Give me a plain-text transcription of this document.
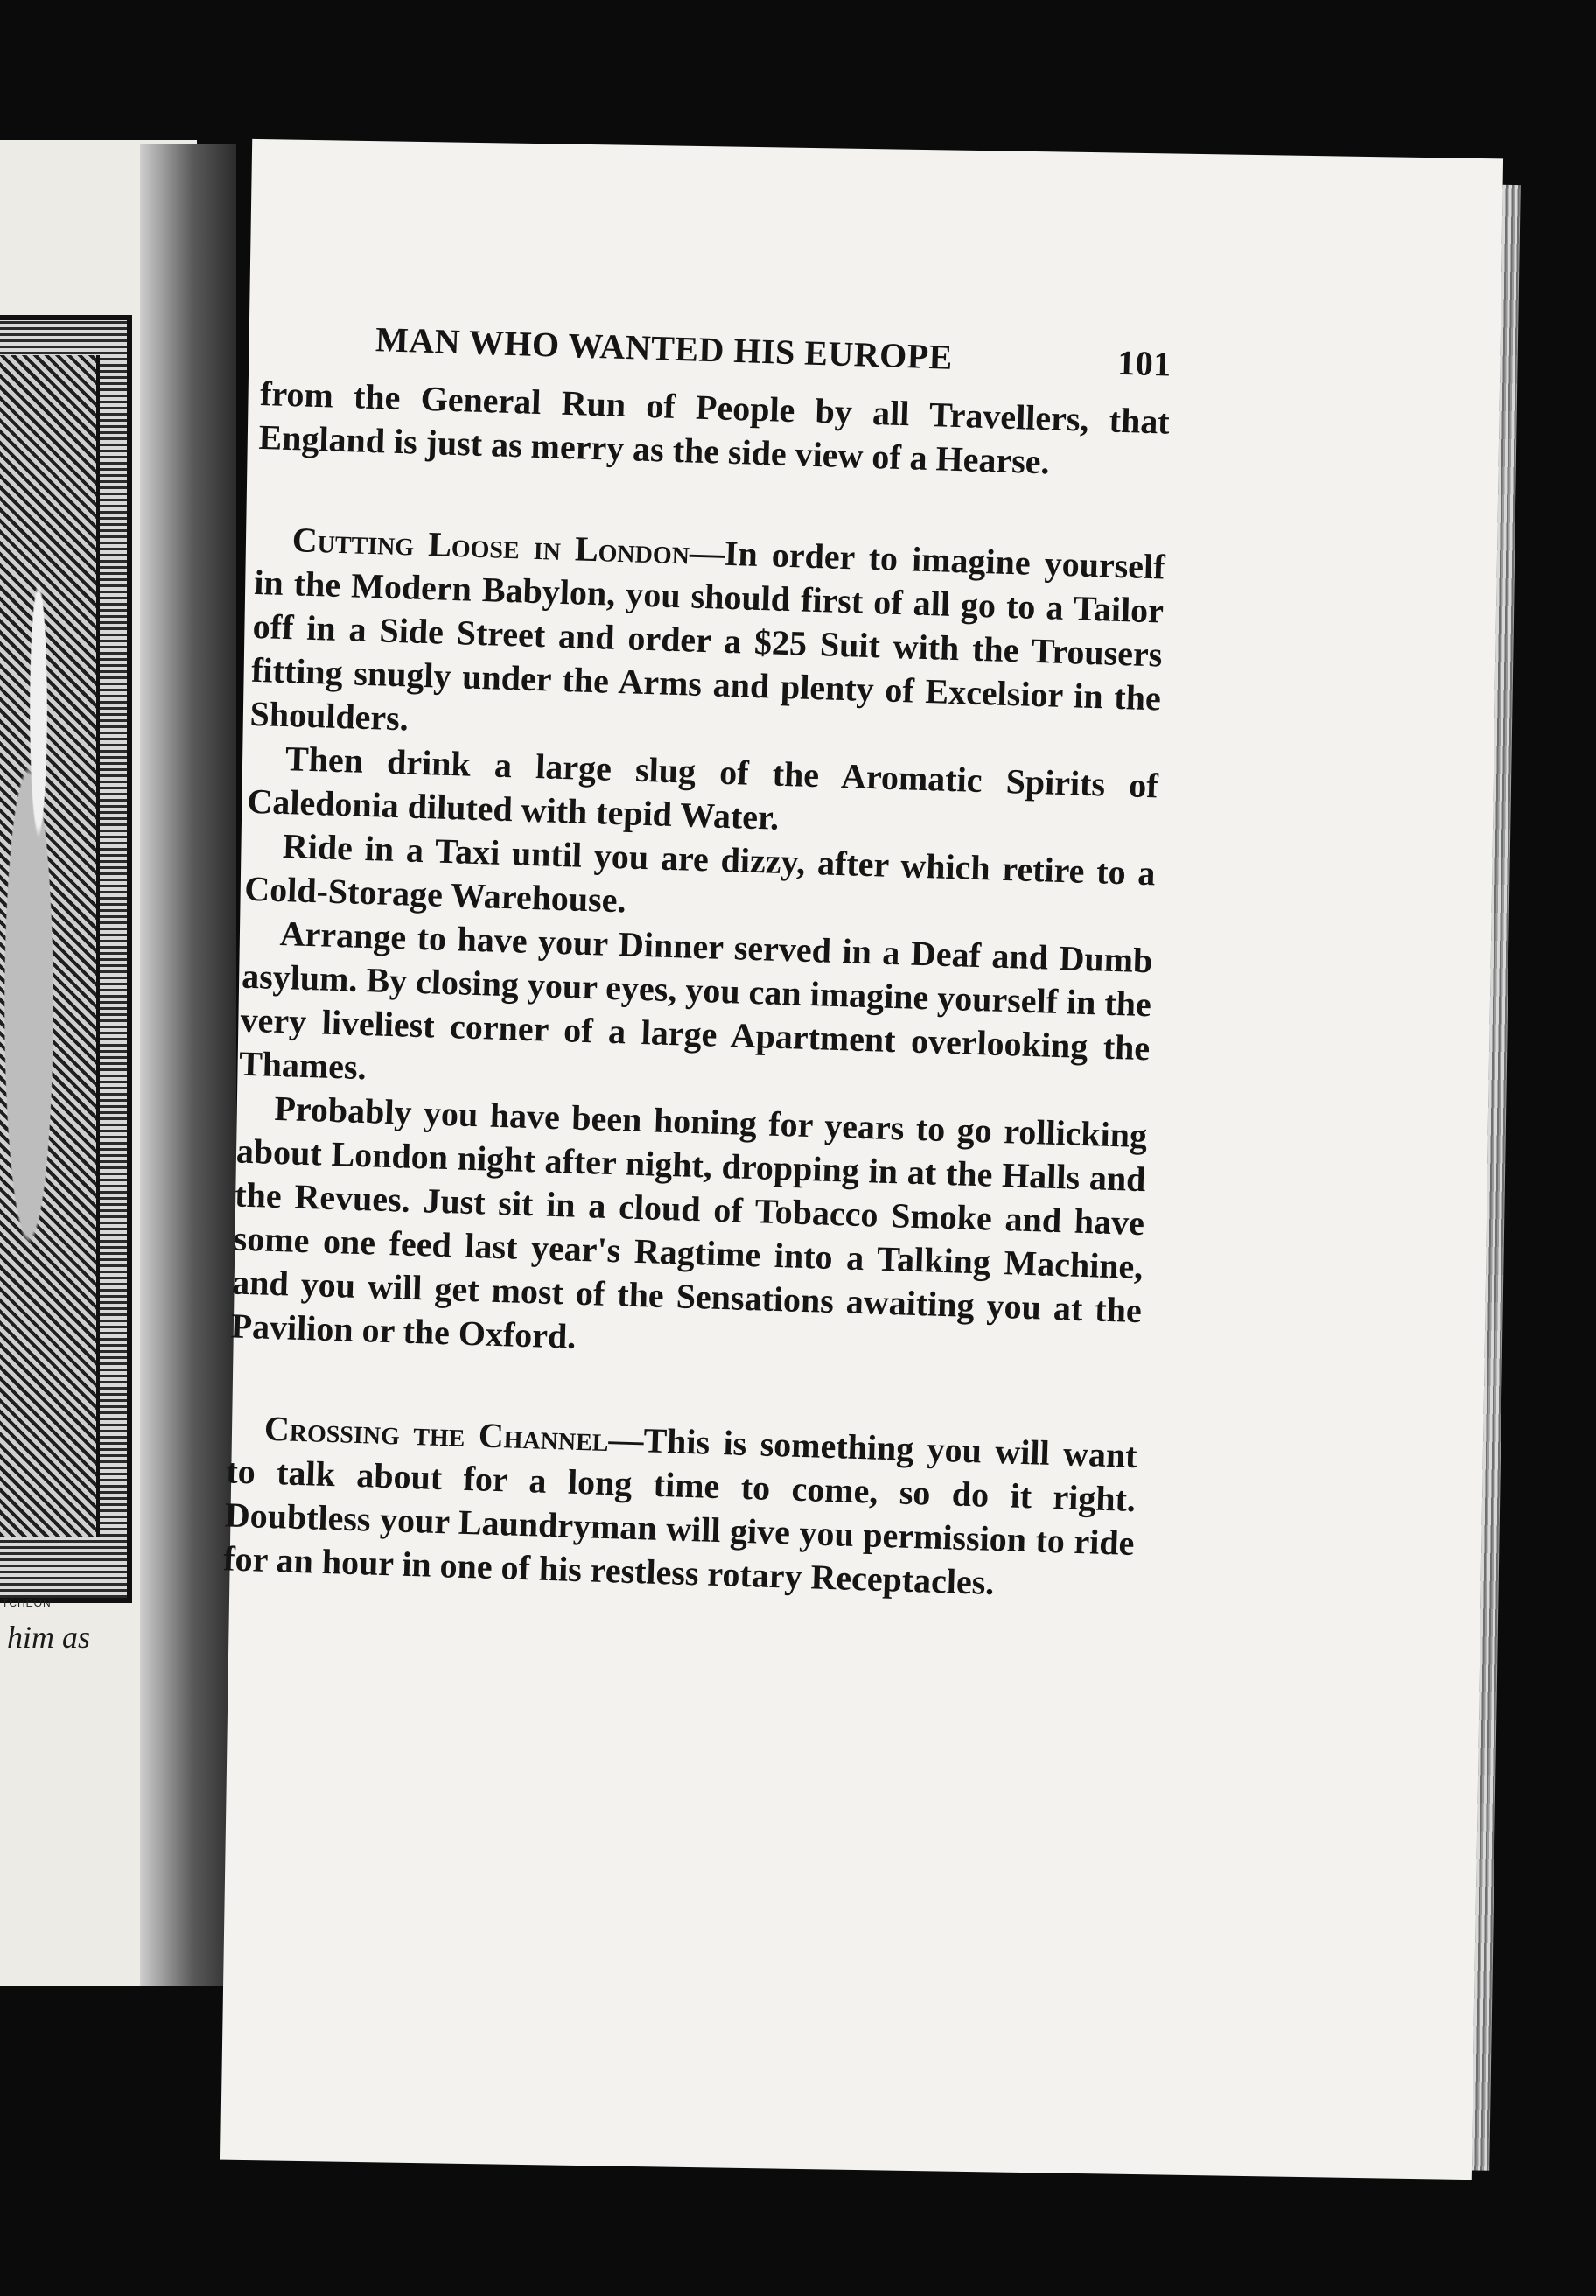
TCHEON
him as
MAN WHO WANTED HIS EUROPE	101

from the General Run of People by all Travellers, that England is just as merry as the side view of a Hearse.

Cutting Loose in London—In order to imagine yourself in the Modern Babylon, you should first of all go to a Tailor off in a Side Street and order a $25 Suit with the Trousers fitting snugly under the Arms and plenty of Excelsior in the Shoulders.

Then drink a large slug of the Aromatic Spirits of Caledonia diluted with tepid Water.

Ride in a Taxi until you are dizzy, after which retire to a Cold-Storage Warehouse.

Arrange to have your Dinner served in a Deaf and Dumb asylum. By closing your eyes, you can imagine yourself in the very liveliest corner of a large Apartment overlooking the Thames.

Probably you have been honing for years to go rollicking about London night after night, dropping in at the Halls and the Revues. Just sit in a cloud of Tobacco Smoke and have some one feed last year's Ragtime into a Talking Machine, and you will get most of the Sensations awaiting you at the Pavilion or the Oxford.

Crossing the Channel—This is something you will want to talk about for a long time to come, so do it right. Doubtless your Laundryman will give you permission to ride for an hour in one of his restless rotary Receptacles.
